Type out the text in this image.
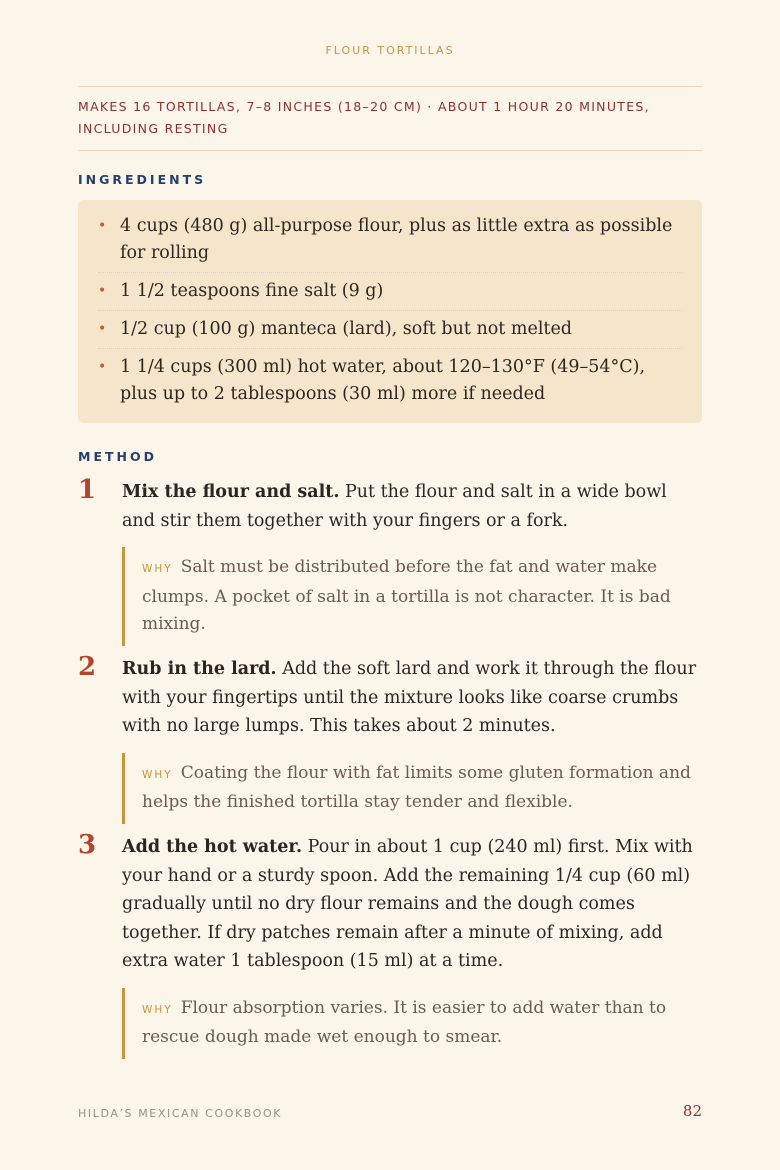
FLOUR TORTILLAS
MAKES 16 TORTILLAS, 7–8 INCHES (18–20 CM) · ABOUT 1 HOUR 20 MINUTES, INCLUDING RESTING
INGREDIENTS
• 4 cups (480 g) all-purpose flour, plus as little extra as possible for rolling
• 1 1/2 teaspoons fine salt (9 g)
• 1/2 cup (100 g) manteca (lard), soft but not melted
• 1 1/4 cups (300 ml) hot water, about 120–130°F (49–54°C), plus up to 2 tablespoons (30 ml) more if needed
METHOD
1 Mix the flour and salt. Put the flour and salt in a wide bowl and stir them together with your fingers or a fork.
WHY Salt must be distributed before the fat and water make clumps. A pocket of salt in a tortilla is not character. It is bad mixing.
2 Rub in the lard. Add the soft lard and work it through the flour with your fingertips until the mixture looks like coarse crumbs with no large lumps. This takes about 2 minutes.
WHY Coating the flour with fat limits some gluten formation and helps the finished tortilla stay tender and flexible.
3 Add the hot water. Pour in about 1 cup (240 ml) first. Mix with your hand or a sturdy spoon. Add the remaining 1/4 cup (60 ml) gradually until no dry flour remains and the dough comes together. If dry patches remain after a minute of mixing, add extra water 1 tablespoon (15 ml) at a time.
WHY Flour absorption varies. It is easier to add water than to rescue dough made wet enough to smear.
HILDA’S MEXICAN COOKBOOK	82
